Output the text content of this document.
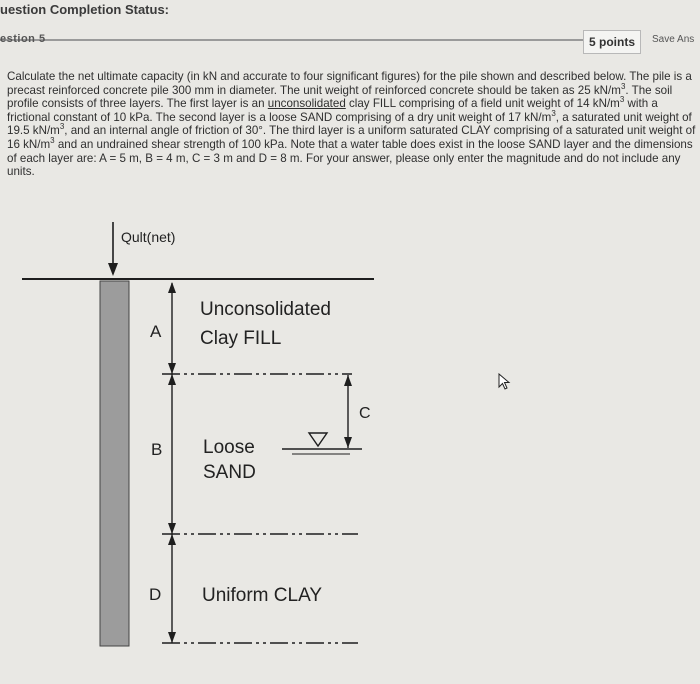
uestion Completion Status:
estion 5	5 points	Save Ans
Calculate the net ultimate capacity (in kN and accurate to four significant figures) for the pile shown and described below. The pile is a precast reinforced concrete pile 300 mm in diameter. The unit weight of reinforced concrete should be taken as 25 $kN/m^3$. The soil profile consists of three layers. The first layer is an unconsolidated clay FILL comprising of a field unit weight of 14 $kN/m^3$ with a frictional constant of 10 kPa. The second layer is a loose SAND comprising of a dry unit weight of 17 $kN/m^3$, a saturated unit weight of 19.5 $kN/m^3$, and an internal angle of friction of 30°. The third layer is a uniform saturated CLAY comprising of a saturated unit weight of 16 $kN/m^3$ and an undrained shear strength of 100 kPa. Note that a water table does exist in the loose SAND layer and the dimensions of each layer are: A = 5 m, B = 4 m, C = 3 m and D = 8 m. For your answer, please only enter the magnitude and do not include any units.
Qult(net)
Unconsolidated
Clay FILL
A
C
B Loose
SAND
D Uniform CLAY
